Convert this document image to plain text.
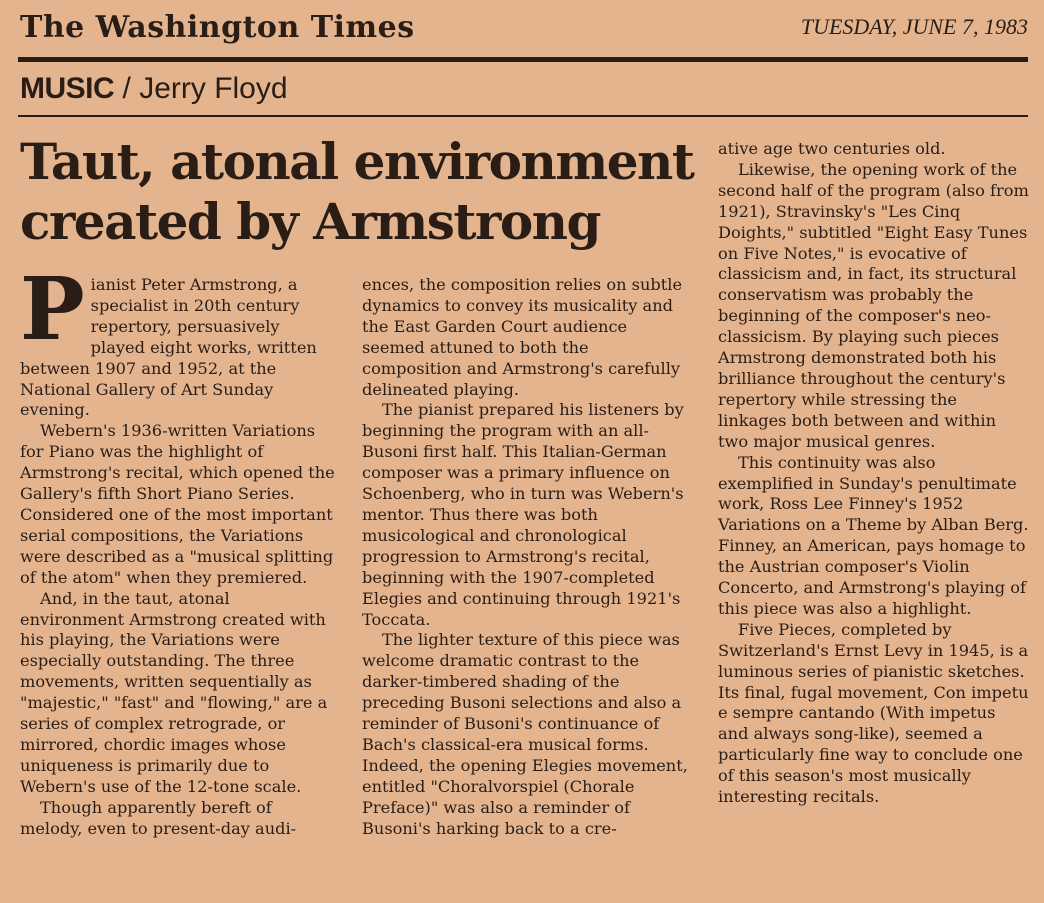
The Washington Times	TUESDAY, JUNE 7, 1983
MUSIC / Jerry Floyd
Taut, atonal environment created by Armstrong

Pianist Peter Armstrong, a specialist in 20th century repertory, persuasively played eight works, written between 1907 and 1952, at the National Gallery of Art Sunday evening.

Webern's 1936-written Variations for Piano was the highlight of Armstrong's recital, which opened the Gallery's fifth Short Piano Series. Considered one of the most important serial compositions, the Variations were described as a "musical splitting of the atom" when they premiered.

And, in the taut, atonal environment Armstrong created with his playing, the Variations were especially outstanding. The three movements, written sequentially as "majestic," "fast" and "flowing," are a series of complex retrograde, or mirrored, chordic images whose uniqueness is primarily due to Webern's use of the 12-tone scale.

Though apparently bereft of melody, even to present-day audi-

ences, the composition relies on subtle dynamics to convey its musicality and the East Garden Court audience seemed attuned to both the composition and Armstrong's carefully delineated playing.

The pianist prepared his listeners by beginning the program with an all-Busoni first half. This Italian-German composer was a primary influence on Schoenberg, who in turn was Webern's mentor. Thus there was both musicological and chronological progression to Armstrong's recital, beginning with the 1907-completed Elegies and continuing through 1921's Toccata.

The lighter texture of this piece was welcome dramatic contrast to the darker-timbered shading of the preceding Busoni selections and also a reminder of Busoni's continuance of Bach's classical-era musical forms. Indeed, the opening Elegies movement, entitled "Choralvorspiel (Chorale Preface)" was also a reminder of Busoni's harking back to a cre-

ative age two centuries old.

Likewise, the opening work of the second half of the program (also from 1921), Stravinsky's "Les Cinq Doights," subtitled "Eight Easy Tunes on Five Notes," is evocative of classicism and, in fact, its structural conservatism was probably the beginning of the composer's neo-classicism. By playing such pieces Armstrong demonstrated both his brilliance throughout the century's repertory while stressing the linkages both between and within two major musical genres.

This continuity was also exemplified in Sunday's penultimate work, Ross Lee Finney's 1952 Variations on a Theme by Alban Berg. Finney, an American, pays homage to the Austrian composer's Violin Concerto, and Armstrong's playing of this piece was also a highlight.

Five Pieces, completed by Switzerland's Ernst Levy in 1945, is a luminous series of pianistic sketches. Its final, fugal movement, Con impetu e sempre cantando (With impetus and always song-like), seemed a particularly fine way to conclude one of this season's most musically interesting recitals.
